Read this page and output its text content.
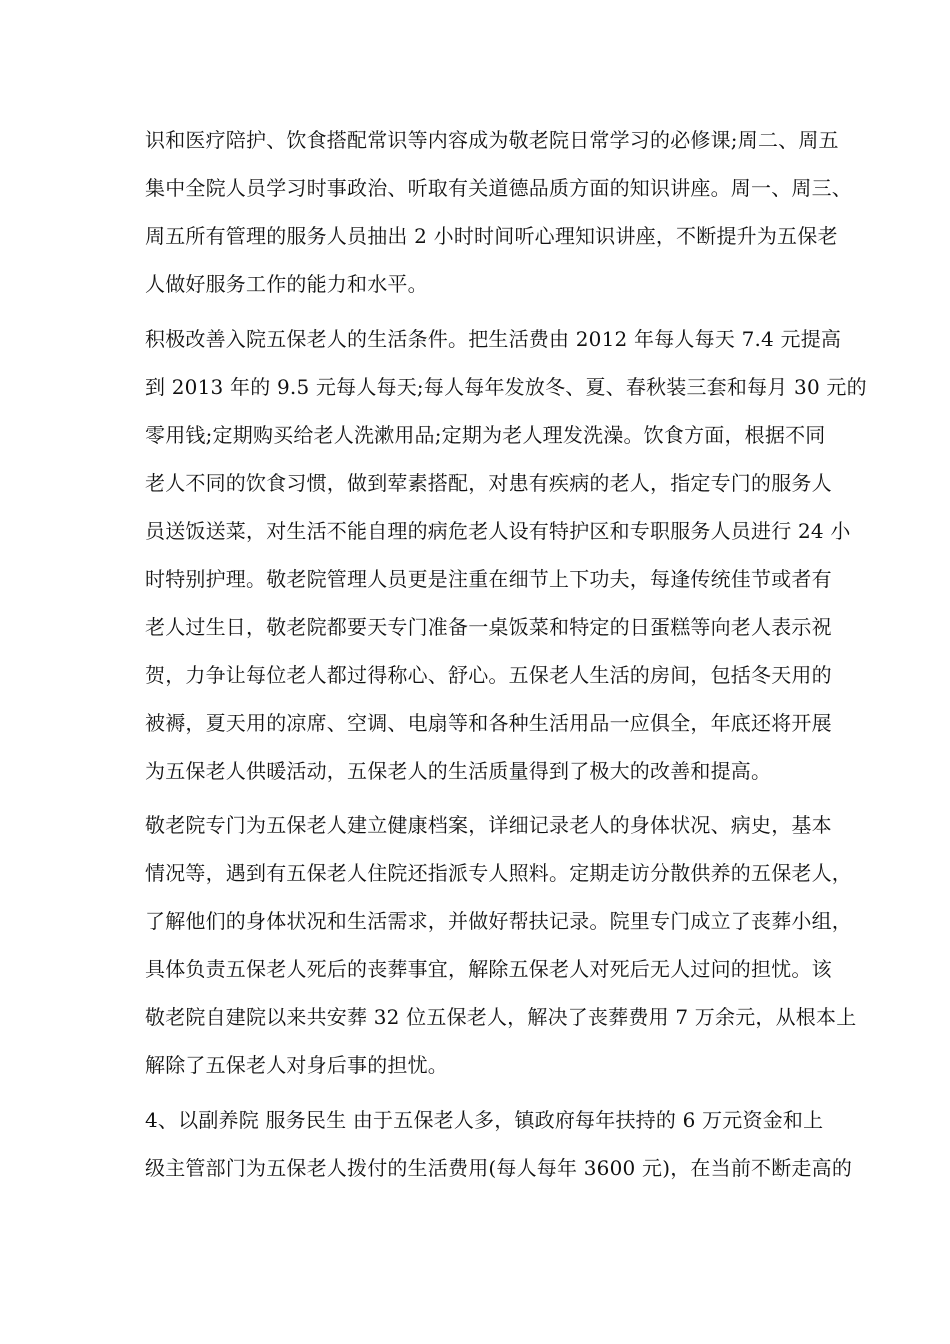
识和医疗陪护、饮食搭配常识等内容成为敬老院日常学习的必修课;周二、周五
集中全院人员学习时事政治、听取有关道德品质方面的知识讲座。周一、周三、
周五所有管理的服务人员抽出 2 小时时间听心理知识讲座，不断提升为五保老
人做好服务工作的能力和水平。
积极改善入院五保老人的生活条件。把生活费由 2012 年每人每天 7.4 元提高
到 2013 年的 9.5 元每人每天;每人每年发放冬、夏、春秋装三套和每月 30 元的
零用钱;定期购买给老人洗漱用品;定期为老人理发洗澡。饮食方面，根据不同
老人不同的饮食习惯，做到荤素搭配，对患有疾病的老人，指定专门的服务人
员送饭送菜，对生活不能自理的病危老人设有特护区和专职服务人员进行 24 小
时特别护理。敬老院管理人员更是注重在细节上下功夫，每逢传统佳节或者有
老人过生日，敬老院都要天专门准备一桌饭菜和特定的日蛋糕等向老人表示祝
贺，力争让每位老人都过得称心、舒心。五保老人生活的房间，包括冬天用的
被褥，夏天用的凉席、空调、电扇等和各种生活用品一应俱全，年底还将开展
为五保老人供暖活动，五保老人的生活质量得到了极大的改善和提高。
敬老院专门为五保老人建立健康档案，详细记录老人的身体状况、病史，基本
情况等，遇到有五保老人住院还指派专人照料。定期走访分散供养的五保老人，
了解他们的身体状况和生活需求，并做好帮扶记录。院里专门成立了丧葬小组，
具体负责五保老人死后的丧葬事宜，解除五保老人对死后无人过问的担忧。该
敬老院自建院以来共安葬 32 位五保老人，解决了丧葬费用 7 万余元，从根本上
解除了五保老人对身后事的担忧。
4、以副养院 服务民生 由于五保老人多，镇政府每年扶持的 6 万元资金和上
级主管部门为五保老人拨付的生活费用(每人每年 3600 元)，在当前不断走高的
